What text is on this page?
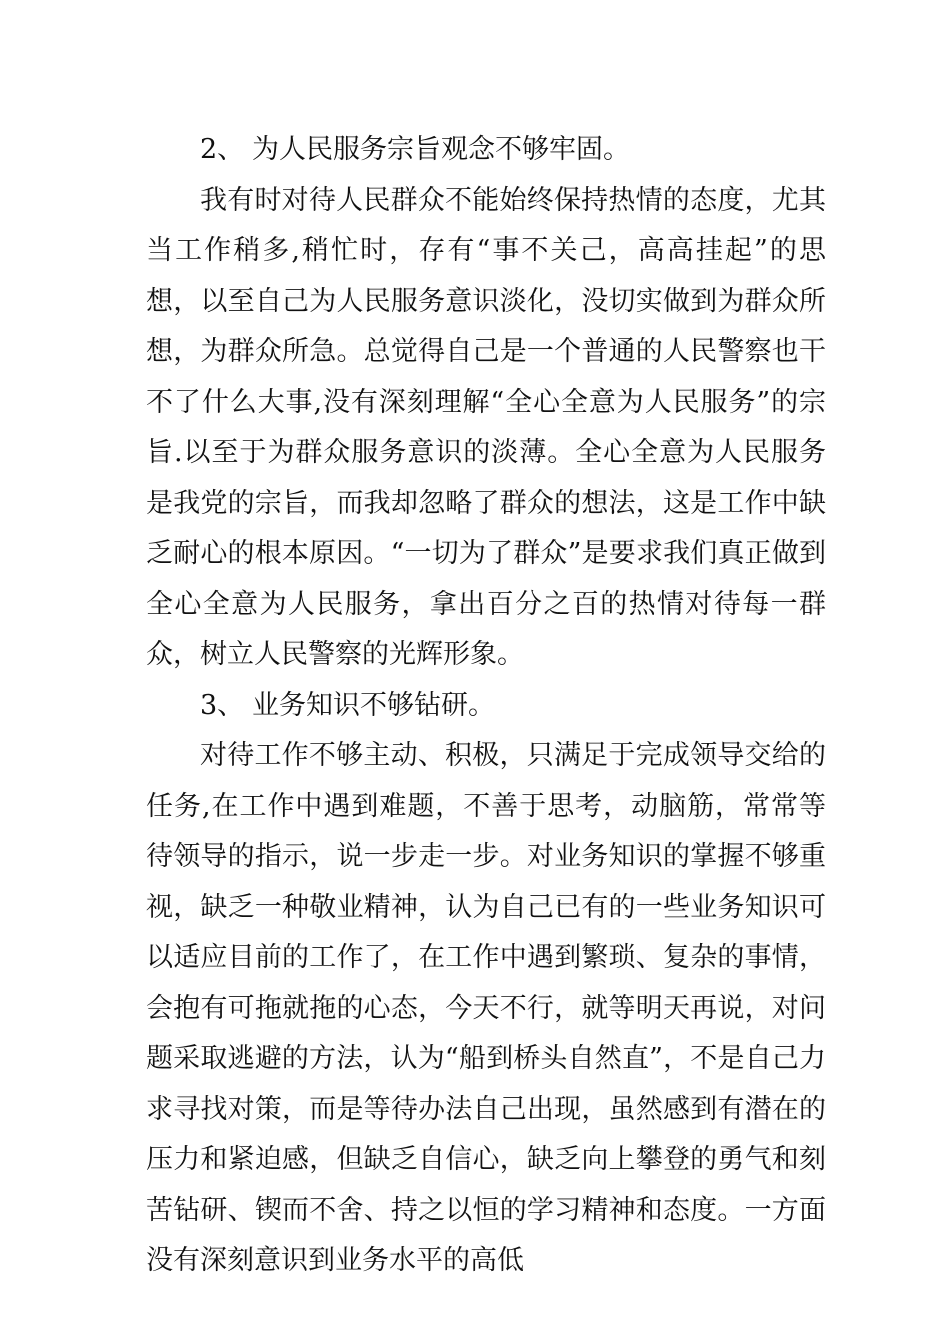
2、 为人民服务宗旨观念不够牢固。

我有时对待人民群众不能始终保持热情的态度，尤其当工作稍多,稍忙时，存有“事不关己，高高挂起”的思想，以至自己为人民服务意识淡化，没切实做到为群众所想，为群众所急。总觉得自己是一个普通的人民警察也干不了什么大事,没有深刻理解“全心全意为人民服务”的宗旨.以至于为群众服务意识的淡薄。全心全意为人民服务是我党的宗旨，而我却忽略了群众的想法，这是工作中缺乏耐心的根本原因。“一切为了群众”是要求我们真正做到全心全意为人民服务，拿出百分之百的热情对待每一群众，树立人民警察的光辉形象。

3、 业务知识不够钻研。

对待工作不够主动、积极，只满足于完成领导交给的任务,在工作中遇到难题，不善于思考，动脑筋，常常等待领导的指示，说一步走一步。对业务知识的掌握不够重视，缺乏一种敬业精神，认为自己已有的一些业务知识可以适应目前的工作了，在工作中遇到繁琐、复杂的事情，会抱有可拖就拖的心态，今天不行，就等明天再说，对问题采取逃避的方法，认为“船到桥头自然直”，不是自己力求寻找对策，而是等待办法自己出现，虽然感到有潜在的压力和紧迫感，但缺乏自信心，缺乏向上攀登的勇气和刻苦钻研、锲而不舍、持之以恒的学习精神和态度。一方面没有深刻意识到业务水平的高低
